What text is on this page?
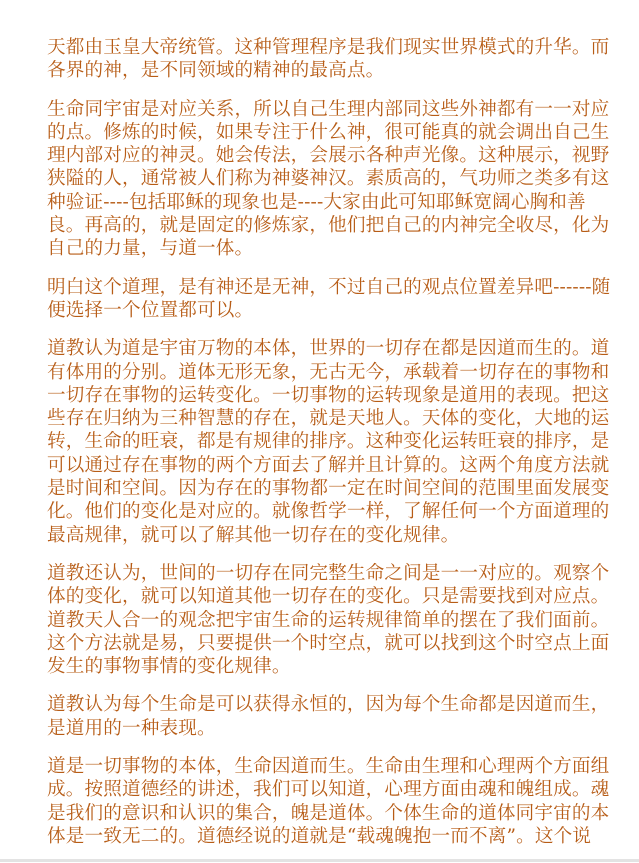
天都由玉皇大帝统管。这种管理程序是我们现实世界模式的升华。而
各界的神，是不同领域的精神的最高点。
生命同宇宙是对应关系，所以自己生理内部同这些外神都有一一对应
的点。修炼的时候，如果专注于什么神，很可能真的就会调出自己生
理内部对应的神灵。她会传法，会展示各种声光像。这种展示，视野
狭隘的人，通常被人们称为神婆神汉。素质高的，气功师之类多有这
种验证----包括耶稣的现象也是----大家由此可知耶稣宽阔心胸和善
良。再高的，就是固定的修炼家，他们把自己的内神完全收尽，化为
自己的力量，与道一体。
明白这个道理，是有神还是无神，不过自己的观点位置差异吧------随
便选择一个位置都可以。
道教认为道是宇宙万物的本体，世界的一切存在都是因道而生的。道
有体用的分别。道体无形无象，无古无今，承载着一切存在的事物和
一切存在事物的运转变化。一切事物的运转现象是道用的表现。把这
些存在归纳为三种智慧的存在，就是天地人。天体的变化，大地的运
转，生命的旺衰，都是有规律的排序。这种变化运转旺衰的排序，是
可以通过存在事物的两个方面去了解并且计算的。这两个角度方法就
是时间和空间。因为存在的事物都一定在时间空间的范围里面发展变
化。他们的变化是对应的。就像哲学一样，了解任何一个方面道理的
最高规律，就可以了解其他一切存在的变化规律。
道教还认为，世间的一切存在同完整生命之间是一一对应的。观察个
体的变化，就可以知道其他一切存在的变化。只是需要找到对应点。
道教天人合一的观念把宇宙生命的运转规律简单的摆在了我们面前。
这个方法就是易，只要提供一个时空点，就可以找到这个时空点上面
发生的事物事情的变化规律。
道教认为每个生命是可以获得永恒的，因为每个生命都是因道而生，
是道用的一种表现。
道是一切事物的本体，生命因道而生。生命由生理和心理两个方面组
成。按照道德经的讲述，我们可以知道，心理方面由魂和魄组成。魂
是我们的意识和认识的集合，魄是道体。个体生命的道体同宇宙的本
体是一致无二的。道德经说的道就是“载魂魄抱一而不离”。这个说
